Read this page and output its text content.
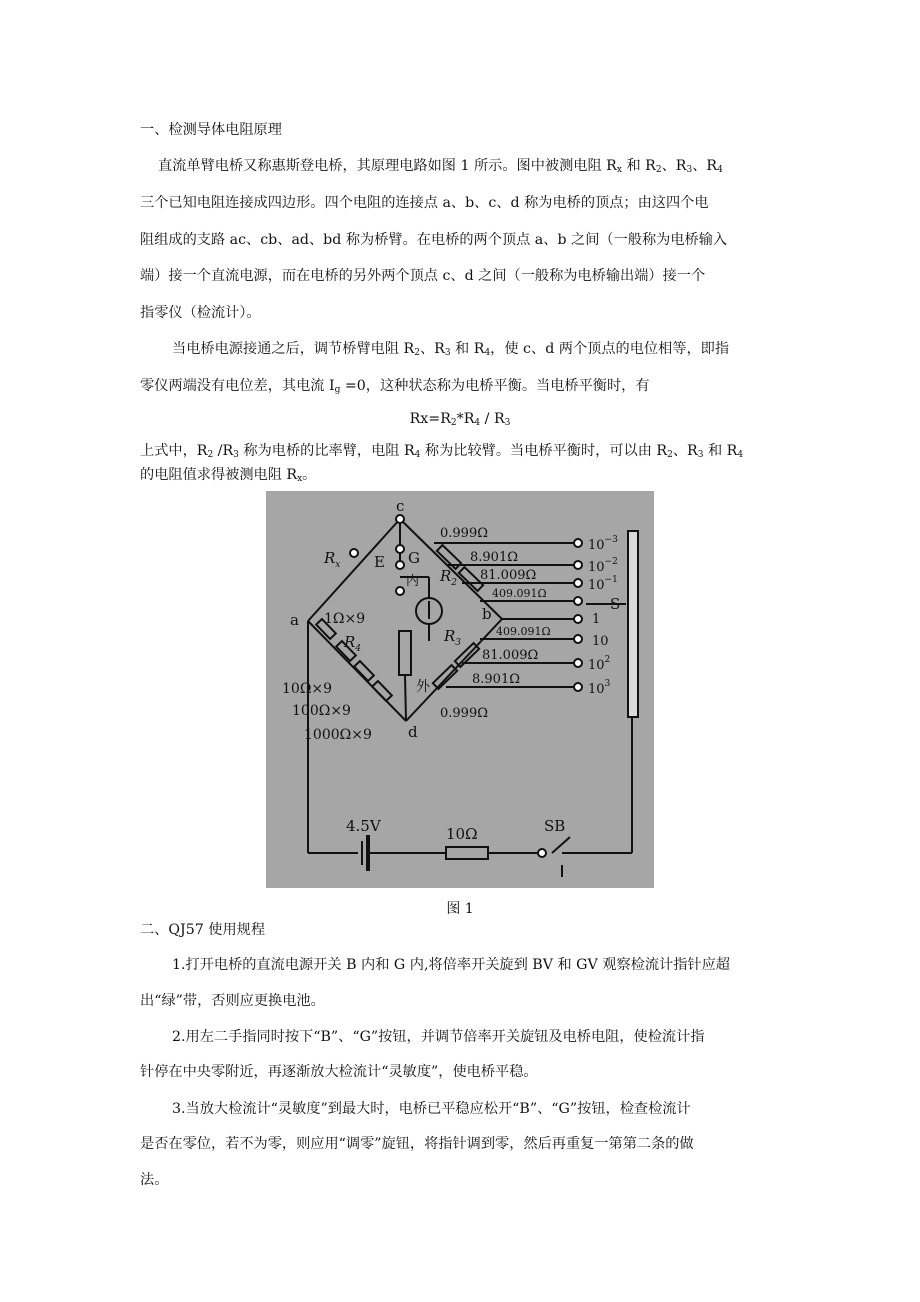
一、检测导体电阻原理
直流单臂电桥又称惠斯登电桥，其原理电路如图 1 所示。图中被测电阻 $R_x$ 和 $R_2$、$R_3$、$R_4$
三个已知电阻连接成四边形。四个电阻的连接点 a、b、c、d 称为电桥的顶点；由这四个电
阻组成的支路 ac、cb、ad、bd 称为桥臂。在电桥的两个顶点 a、b 之间（一般称为电桥输入
端）接一个直流电源，而在电桥的另外两个顶点 c、d 之间（一般称为电桥输出端）接一个
指零仪（检流计）。
当电桥电源接通之后，调节桥臂电阻 $R_2$、$R_3$ 和 $R_4$，使 c、d 两个顶点的电位相等，即指
零仪两端没有电位差，其电流 $I_g =0$，这种状态称为电桥平衡。当电桥平衡时，有
$Rx=R_2*R_4 / R_3$
上式中，$R_2$ $/R_3$ 称为电桥的比率臂，电阻 $R_4$ 称为比较臂。当电桥平衡时，可以由 $R_2$、$R_3$ 和 $R_4$
的电阻值求得被测电阻 $R_x$。
c
a	b
d
E G
$R_x$
$R_2$
$R_3$
$R_4$
内
外
S
0.999Ω
8.901Ω
81.009Ω
409.091Ω
409.091Ω
81.009Ω
8.901Ω
0.999Ω
$10^{-3}$
$10^{-2}$
$10^{-1}$
1
10
$10^2$
$10^3$
1Ω×9
10Ω×9
100Ω×9
1000Ω×9
4.5V	10Ω	SB
图 1
二、QJ57 使用规程
1.打开电桥的直流电源开关 B 内和 G 内,将倍率开关旋到 BV 和 GV 观察检流计指针应超
出“绿”带，否则应更换电池。
2.用左二手指同时按下“B”、“G”按钮，并调节倍率开关旋钮及电桥电阻，使检流计指
针停在中央零附近，再逐渐放大检流计“灵敏度”，使电桥平稳。
3.当放大检流计“灵敏度”到最大时，电桥已平稳应松开“B”、“G”按钮，检查检流计
是否在零位，若不为零，则应用“调零”旋钮，将指针调到零，然后再重复一第第二条的做
法。
